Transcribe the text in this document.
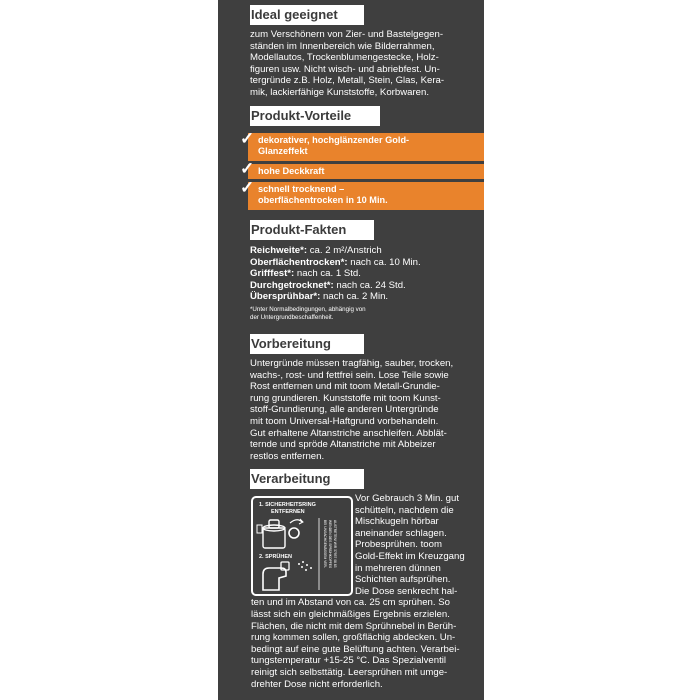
Ideal geeignet
zum Verschönern von Zier- und Bastelgegen-
ständen im Innenbereich wie Bilderrahmen,
Modellautos, Trockenblumengestecke, Holz-
figuren usw. Nicht wisch- und abriebfest. Un-
tergründe z.B. Holz, Metall, Stein, Glas, Kera-
mik, lackierfähige Kunststoffe, Korbwaren.
Produkt-Vorteile
dekorativer, hochglänzender Gold-
Glanzeffekt
✓
hohe Deckkraft
✓
schnell trocknend –
oberflächentrocken in 10 Min.
✓
Produkt-Fakten
Reichweite*: ca. 2 m²/Anstrich
Oberflächentrocken*: nach ca. 10 Min.
Grifffest*: nach ca. 1 Std.
Durchgetrocknet*: nach ca. 24 Std.
Übersprühbar*: nach ca. 2 Min.
*Unter Normalbedingungen, abhängig von
der Untergrundbeschaffenheit.
Vorbereitung
Untergründe müssen tragfähig, sauber, trocken,
wachs-, rost- und fettfrei sein. Lose Teile sowie
Rost entfernen und mit toom Metall-Grundie-
rung grundieren. Kunststoffe mit toom Kunst-
stoff-Grundierung, alle anderen Untergründe
mit toom Universal-Haftgrund vorbehandeln.
Gut erhaltene Altanstriche anschleifen. Abblät-
ternde und spröde Altanstriche mit Abbeizer
restlos entfernen.
Verarbeitung
1. SICHERHEITSRING
ENTFERNEN
2. SPRÜHEN	BEI UNSACHGEMÄSSEM VER- WENDEN DES SPRÜHKOPFES AUSTRETEN! WIR 37957 08 83
Vor Gebrauch 3 Min. gut
schütteln, nachdem die
Mischkugeln hörbar
aneinander schlagen.
Probesprühen. toom
Gold-Effekt im Kreuzgang
in mehreren dünnen
Schichten aufsprühen.
Die Dose senkrecht hal-
ten und im Abstand von ca. 25 cm sprühen. So
lässt sich ein gleichmäßiges Ergebnis erzielen.
Flächen, die nicht mit dem Sprühnebel in Berüh-
rung kommen sollen, großflächig abdecken. Un-
bedingt auf eine gute Belüftung achten. Verarbei-
tungstemperatur +15-25 °C. Das Spezialventil
reinigt sich selbsttätig. Leersprühen mit umge-
drehter Dose nicht erforderlich.
